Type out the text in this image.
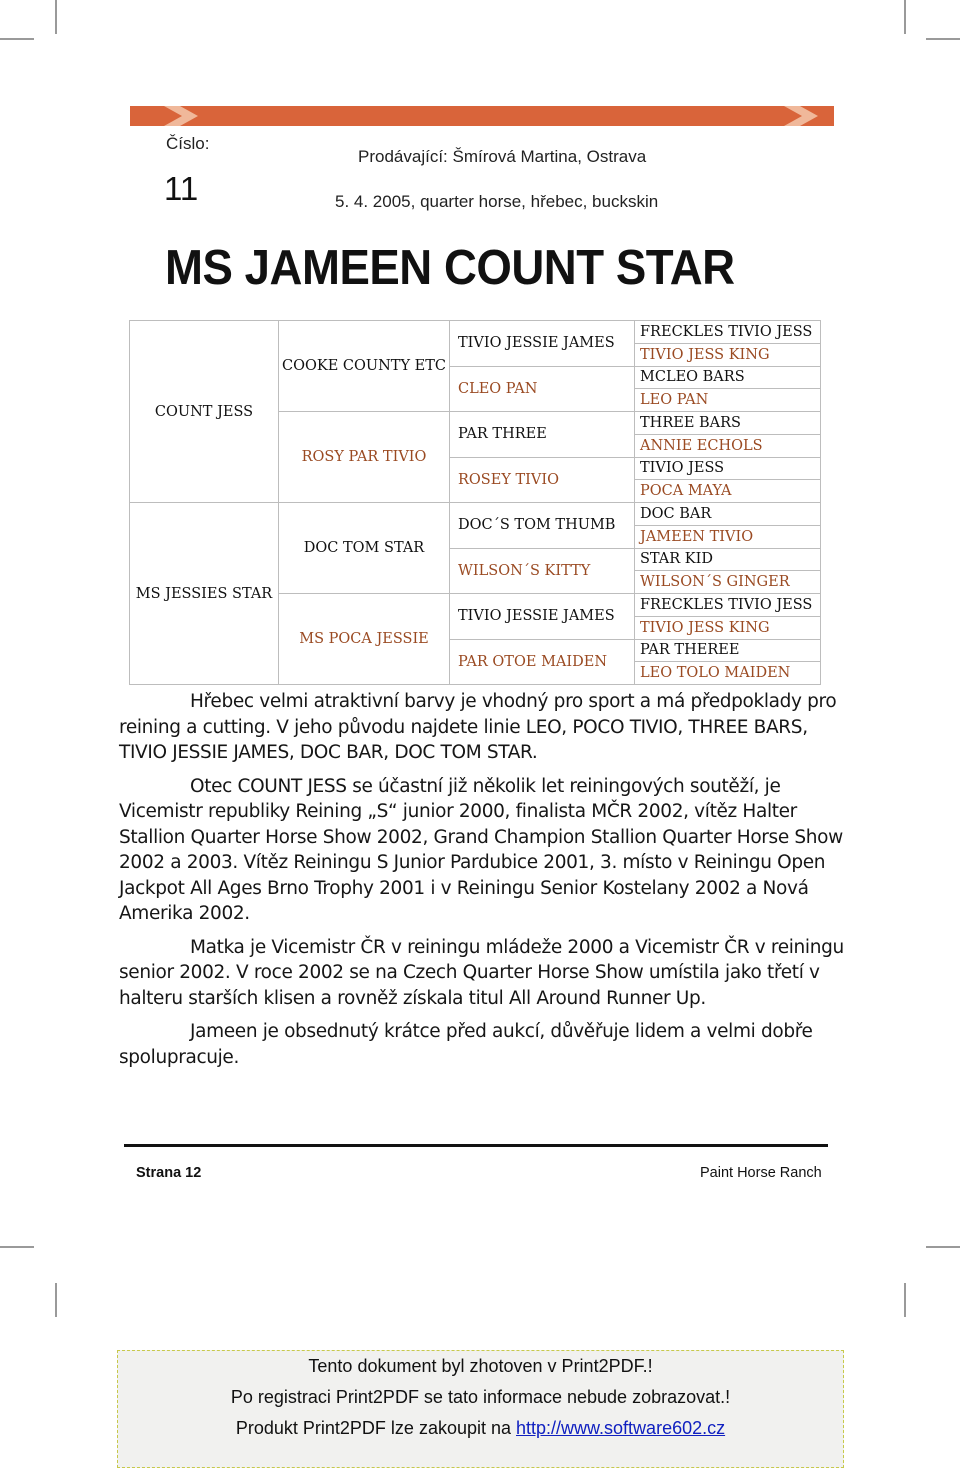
Číslo:
11
Prodávající: Šmírová Martina, Ostrava
5. 4. 2005, quarter horse, hřebec, buckskin
MS JAMEEN COUNT STAR
COUNT JESS	COOKE COUNTY ETC	TIVIO JESSIE JAMES	FRECKLES TIVIO JESS
			TIVIO JESS KING
		CLEO PAN	MCLEO BARS
			LEO PAN
	ROSY PAR TIVIO	PAR THREE	THREE BARS
			ANNIE ECHOLS
		ROSEY TIVIO	TIVIO JESS
			POCA MAYA
MS JESSIES STAR	DOC TOM STAR	DOC´S TOM THUMB	DOC BAR
			JAMEEN TIVIO
		WILSON´S KITTY	STAR KID
			WILSON´S GINGER
	MS POCA JESSIE	TIVIO JESSIE JAMES	FRECKLES TIVIO JESS
			TIVIO JESS KING
		PAR OTOE MAIDEN	PAR THEREE
			LEO TOLO MAIDEN

Hřebec velmi atraktivní barvy je vhodný pro sport a má předpoklady pro reining a cutting. V jeho původu najdete linie LEO, POCO TIVIO, THREE BARS, TIVIO JESSIE JAMES, DOC BAR, DOC TOM STAR.

Otec COUNT JESS se účastní již několik let reiningových soutěží, je Vicemistr republiky Reining „S“ junior 2000, finalista MČR 2002, vítěz Halter Stallion Quarter Horse Show 2002, Grand Champion Stallion Quarter Horse Show 2002 a 2003. Vítěz Reiningu S Junior Pardubice 2001, 3. místo v Reiningu Open Jackpot All Ages Brno Trophy 2001 i v Reiningu Senior Kostelany 2002 a Nová Amerika 2002.

Matka je Vicemistr ČR v reiningu mládeže 2000 a Vicemistr ČR v reiningu senior 2002. V roce 2002 se na Czech Quarter Horse Show umístila jako třetí v halteru starších klisen a rovněž získala titul All Around Runner Up.

Jameen je obsednutý krátce před aukcí, důvěřuje lidem a velmi dobře spolupracuje.

Strana 12	Paint Horse Ranch
Tento dokument byl zhotoven v Print2PDF.!
Po registraci Print2PDF se tato informace nebude zobrazovat.!
Produkt Print2PDF lze zakoupit na http://www.software602.cz
